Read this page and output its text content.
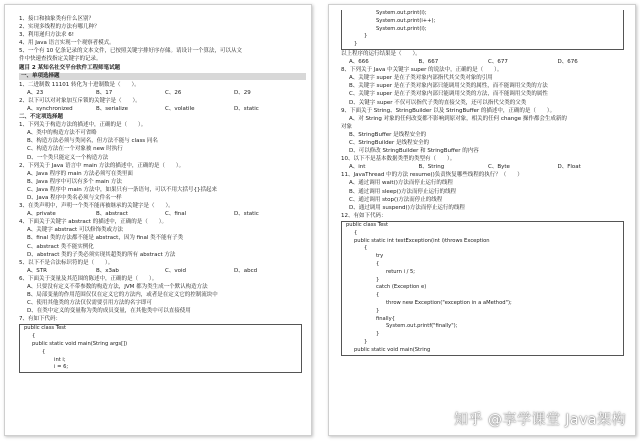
1、接口和抽象类有什么区别？
2、实现多线程的方法有哪几种？
3、利用递归方法求 6!
4、用 Java 语言实现一个观察者模式。
5、一个有 10 亿条记录的文本文件，已按照关键字排好序存储。请设计一个算法，可以从文
件中快速查找指定关键字的记录。
题目 2 某知名社交平台软件工程师笔试题
一、单项选择题
1、二进制数 11101 转化为十进制数是（　　）。
A、23	B、17	C、26	D、29
2、以下可以对对象加互斥锁的关键字是（　　）。
A、synchronized	B、serialize	C、volatile	D、static
二、不定项选择题
1、下列关于构造方法的描述中，正确的是（　　）。
A、类中的构造方法不可省略
B、构造方法必须与类同名，但方法不能与 class 同名
C、构造方法在一个对象被 new 时执行
D、一个类只能定义一个构造方法
2、下列关于 Java 语言中 main 方法的描述中，正确的是（　　）。
A、Java 程序的 main 方法必须写在类里面
B、Java 程序中可以有多个 main 方法
C、Java 程序中 main 方法中，如果只有一条语句，可以不用大括号{}括起来
D、Java 程序中类名必须与文件名一样
3、在类声明中，声明一个类不能再被继承的关键字是（　　）。
A、private	B、abstract	C、final	D、static
4、下面关于关键字 abstract 的描述中，正确的是（　　）。
A、关键字 abstract 可以修饰类或方法
B、final 类的方法都不能是 abstract，因为 final 类不能有子类
C、abstract 类不能实例化
D、abstract 类的子类必须实现其超类的所有 abstract 方法
5、以下不是合法标识符的是（　　）。
A、STR	B、x3ab	C、void	D、abcd
6、下面关于变量及其范围的陈述中，正确的是（　　）。
A、只要没有定义不带参数的构造方法，JVM 都为类生成一个默认构造方法
B、局部变量的作用范围仅仅在定义它的方法内，或者是在定义它的控制流块中
C、使用其他类的方法仅仅需要引用方法的名字即可
D、在类中定义的变量称为类的成员变量，在其他类中可以直接使用
7、有如下代码：
public class Test
{
public static void main(String args[])
{
int i;
i = 6;
System.out.print(i);
System.out.print(i++);
System.out.print(i);
}
}
以上程序的运行结果是（　　）。
A、666	B、667	C、677	D、676
8、下列关于 Java 中关键字 super 的说法中，正确的是（　　）。
A、关键字 super 是在子类对象内部指代其父类对象的引用
B、关键字 super 是在子类对象内部只能调用父类的属性，而不能调用父类的方法
C、关键字 super 是在子类对象内部只能调用父类的方法，而不能调用父类的属性
D、关键字 super 不仅可以指代子类的直接父类，还可以指代父类的父类
9、下面关于 String、StringBuilder 以及 StringBuffer 的描述中，正确的是（　　）。
A、对 String 对象的任何改变都不影响到原对象，相关的任何 change 操作都会生成新的
对象
B、StringBuffer 是线程安全的
C、StringBuilder 是线程安全的
D、可以修改 StringBuilder 和 StringBuffer 的内容
10、以下不是基本数据类型的类型有（　　）。
A、int	B、String	C、Byte	D、Float
11、JavaThread 中的方法 resume()负责恢复哪些线程的执行？（　　）
A、通过调用 wait()方法而停止运行的线程
B、通过调用 sleep()方法而停止运行的线程
C、通过调用 stop()方法而停止的线程
D、通过调用 suspend()方法而停止运行的线程
12、有如下代码：
public class Test
{
public static int testException(int i)throws Exception
{
try
{
return i / 5;
}
catch (Exception e)
{
throw new Exception("exception in a aMethod");
}
finally{
System.out.printf("finally");
}
}
public static void main(String
知乎 @享学课堂 Java架构
